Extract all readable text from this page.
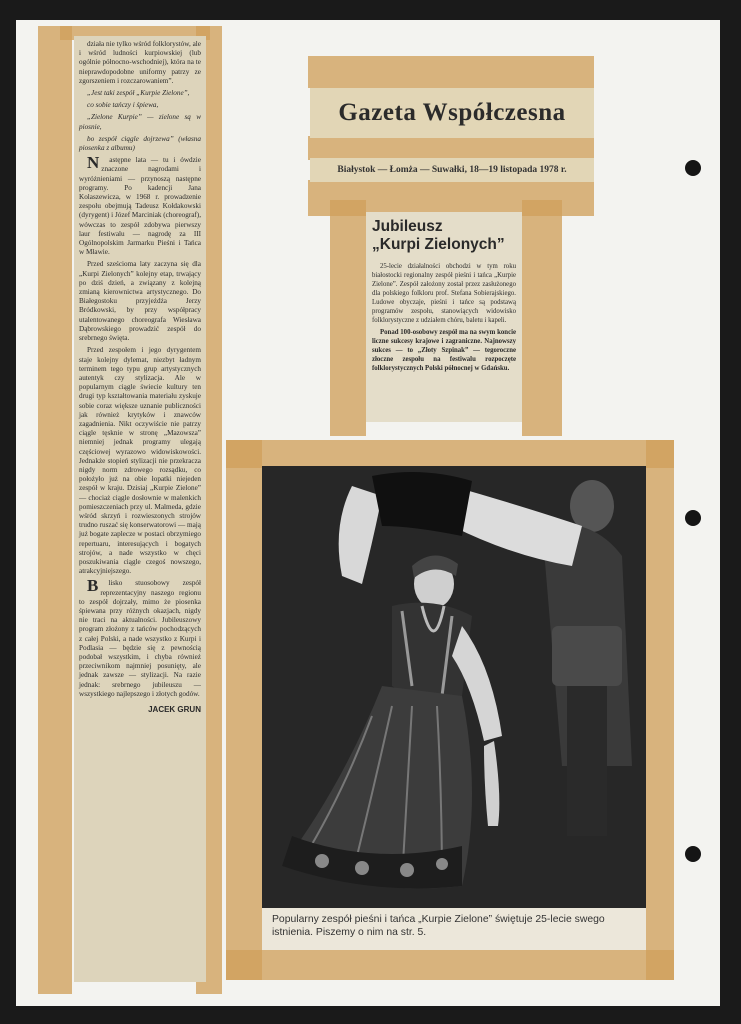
działa nie tylko wśród folklorystów, ale i wśród ludności kurpiowskiej (lub ogólnie północno-wschodniej), która na te nieprawdopodobne uniformy patrzy ze zgorszeniem i rozczarowaniem”.

„Jest taki zespół „Kurpie Zielone”,

co sobie tańczy i śpiewa,

„Zielone Kurpie” — zielone są w piosnie,

bo zespół ciągle dojrzewa” (własna piosenka z albumu)

Następne lata — tu i ówdzie znaczone nagrodami i wyróżnieniami — przynoszą następne programy. Po kadencji Jana Kolaszewicza, w 1968 r. prowadzenie zespołu obejmują Tadeusz Kołdakowski (dyrygent) i Józef Marciniak (choreograf), wówczas to zespół zdobywa pierwszy laur festiwalu — nagrodę za III Ogólnopolskim Jarmarku Pieśni i Tańca w Mławie.

Przed sześcioma laty zaczyna się dla „Kurpi Zielonych” kolejny etap, trwający po dziś dzień, a związany z kolejną zmianą kierownictwa artystycznego. Do Białegostoku przyjeżdża Jerzy Bródkowski, by przy współpracy utalentowanego choreografa Wiesława Dąbrowskiego prowadzić zespół do srebrnego święta.

Przed zespołem i jego dyrygentem staje kolejny dylemat, niezbyt ładnym terminem tego typu grup artystycznych autentyk czy stylizacja. Ale w popularnym ciągle świecie kultury ten drugi typ kształtowania materiału zyskuje sobie coraz większe uznanie publiczności jak również krytyków i znawców zagadnienia. Nikt oczywiście nie patrzy ciągle tęsknie w stronę „Mazowsza” niemniej jednak programy ulegają częściowej wyrazowo widowiskowości. Jednakże stopień stylizacji nie przekracza nigdy norm zdrowego rozsądku, co położyło już na obie łopatki niejeden zespół w kraju. Dzisiaj „Kurpie Zielone” — chociaż ciągle dosłownie w malenkich pomieszczeniach przy ul. Malmeda, gdzie wśród skrzyń i rozwieszonych strojów trudno ruszać się konserwatorowi — mają już bogate zaplecze w postaci obrzymiego repertuaru, interesujących i bogatych strojów, a nade wszystko w chęci poszukiwania ciągle czegoś nowszego, atrakcyjniejszego.

Blisko stuosobowy zespół reprezentacyjny naszego regionu to zespół dojrzały, mimo że piosenka śpiewana przy różnych okazjach, nigdy nie traci na aktualności. Jubileuszowy program złożony z tańców pochodzących z całej Polski, a nade wszystko z Kurpi i Podlasia — będzie się z pewnością podobał wszystkim, i chyba również przeciwnikom najmniej posunięty, ale jednak zawsze — stylizacji. Na razie jednak: srebrnego jubileuszu — wszystkiego najlepszego i złotych godów.

JACEK GRUN
Gazeta Współczesna
Białystok — Łomża — Suwałki, 18—19 listopada 1978 r.
Jubileusz
„Kurpi Zielonych”

25-lecie działalności obchodzi w tym roku białostocki regionalny zespół pieśni i tańca „Kurpie Zielone”. Zespół założony został przez zasłużonego dla polskiego folkloru prof. Stefana Sobierajskiego. Ludowe obyczaje, pieśni i tańce są podstawą programów zespołu, stanowiących widowisko folklorystyczne z udziałem chóru, baletu i kapeli.

Ponad 100-osobowy zespół ma na swym koncie liczne sukcesy krajowe i zagraniczne. Najnowszy sukces — to „Złoty Szpinak” — tegoroczne złoczne zespołu na festiwalu rozpoczęte folklorystycznych Polski północnej w Gdańsku.

Popularny zespół pieśni i tańca „Kurpie Zielone” świętuje 25-lecie swego istnienia. Piszemy o nim na str. 5.
